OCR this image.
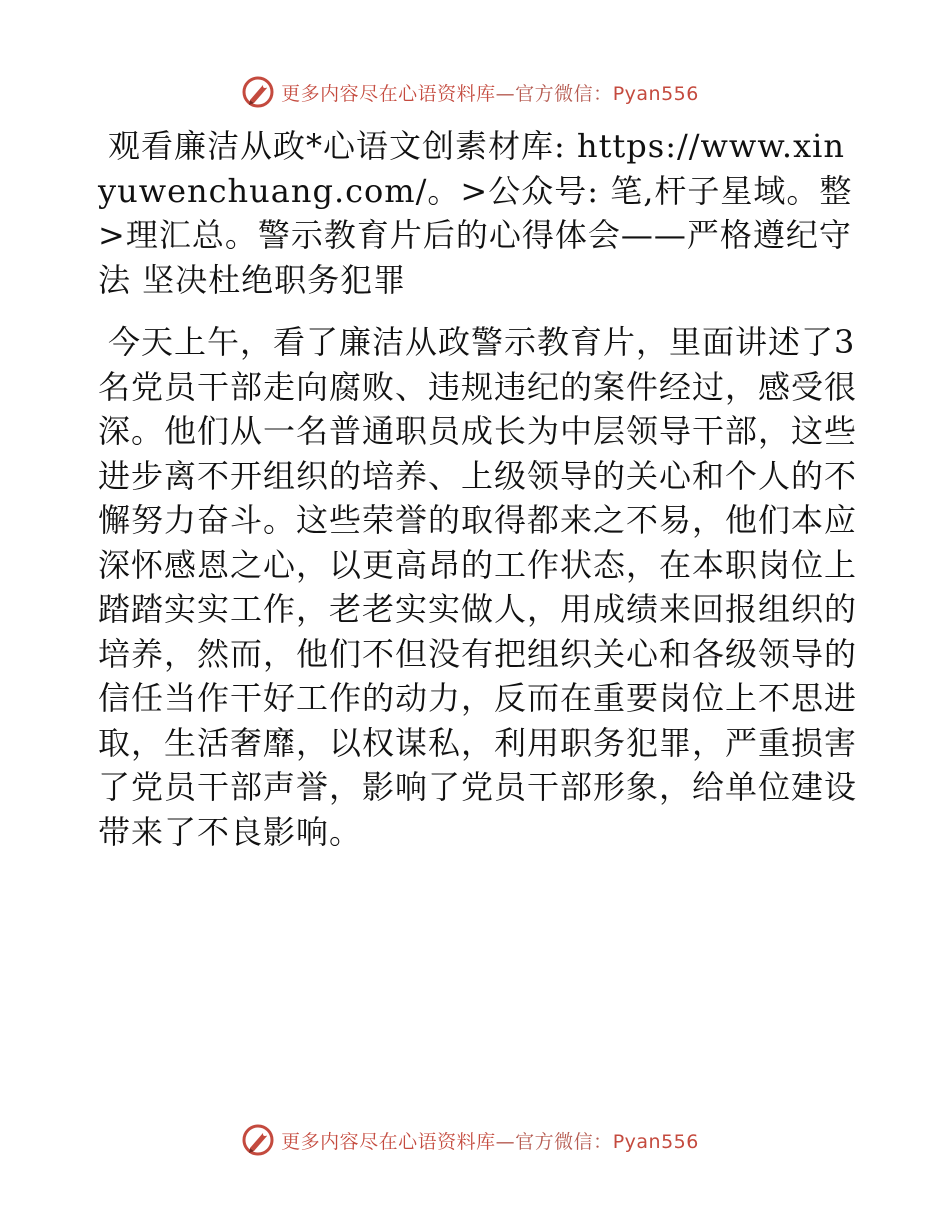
更多内容尽在心语资料库—官方微信：Pyan556

观看廉洁从政*心语文创素材库: https://www.xinyuwenchuang.com/。>公众号: 笔,杆子星域。整>理汇总。警示教育片后的心得体会——严格遵纪守法 坚决杜绝职务犯罪

今天上午，看了廉洁从政警示教育片，里面讲述了3名党员干部走向腐败、违规违纪的案件经过，感受很深。他们从一名普通职员成长为中层领导干部，这些进步离不开组织的培养、上级领导的关心和个人的不懈努力奋斗。这些荣誉的取得都来之不易，他们本应深怀感恩之心，以更高昂的工作状态，在本职岗位上踏踏实实工作，老老实实做人，用成绩来回报组织的培养，然而，他们不但没有把组织关心和各级领导的信任当作干好工作的动力，反而在重要岗位上不思进取，生活奢靡，以权谋私，利用职务犯罪，严重损害了党员干部声誉，影响了党员干部形象，给单位建设带来了不良影响。

更多内容尽在心语资料库—官方微信：Pyan556
